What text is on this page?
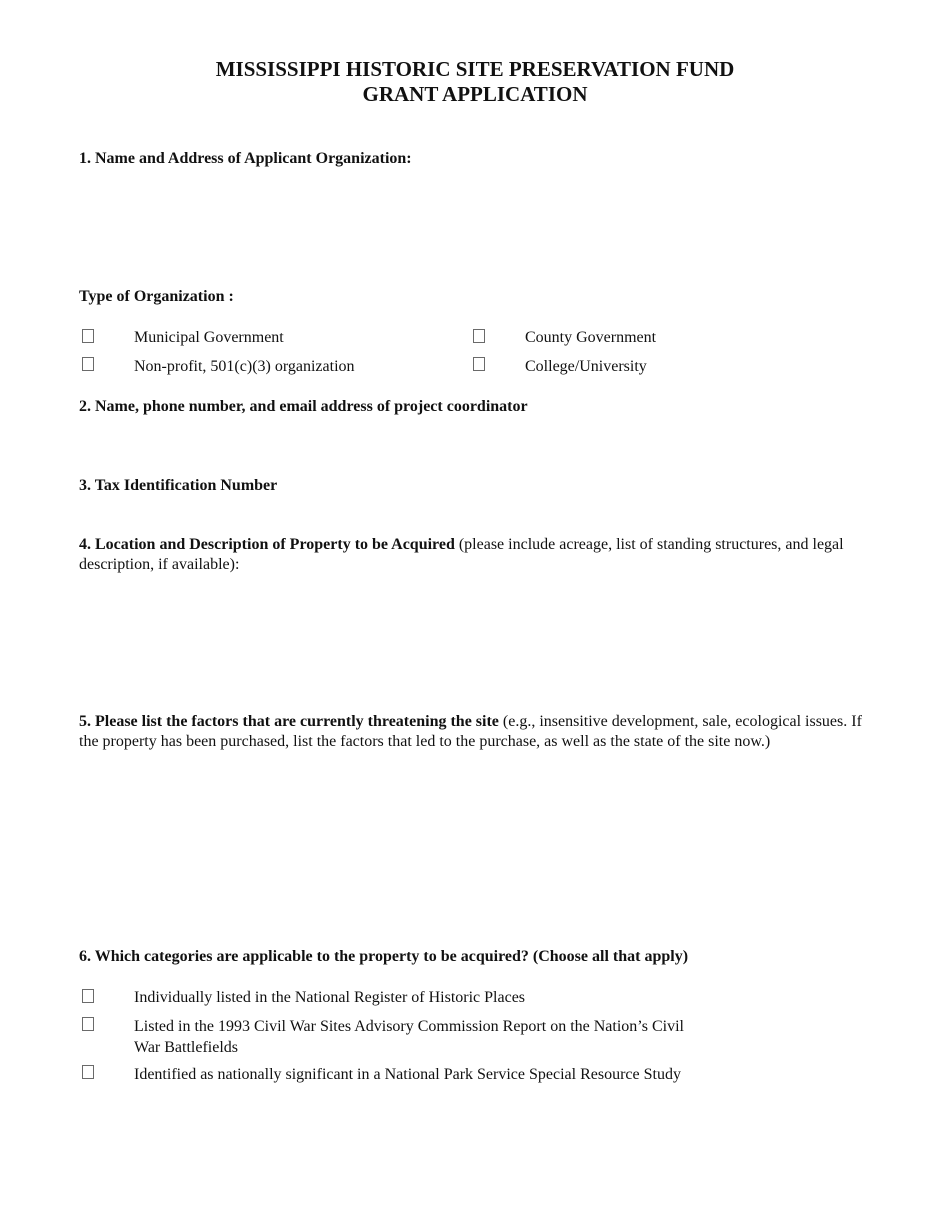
MISSISSIPPI HISTORIC SITE PRESERVATION FUND
GRANT APPLICATION
1. Name and Address of Applicant Organization:
Type of Organization :
Municipal Government	County Government
Non-profit, 501(c)(3) organization	College/University
2. Name, phone number, and email address of project coordinator
3. Tax Identification Number
4. Location and Description of Property to be Acquired (please include acreage, list of standing structures, and legal description, if available):
5. Please list the factors that are currently threatening the site (e.g., insensitive development, sale, ecological issues. If the property has been purchased, list the factors that led to the purchase, as well as the state of the site now.)
6. Which categories are applicable to the property to be acquired? (Choose all that apply)
Individually listed in the National Register of Historic Places
Listed in the 1993 Civil War Sites Advisory Commission Report on the Nation’s Civil War Battlefields
Identified as nationally significant in a National Park Service Special Resource Study
